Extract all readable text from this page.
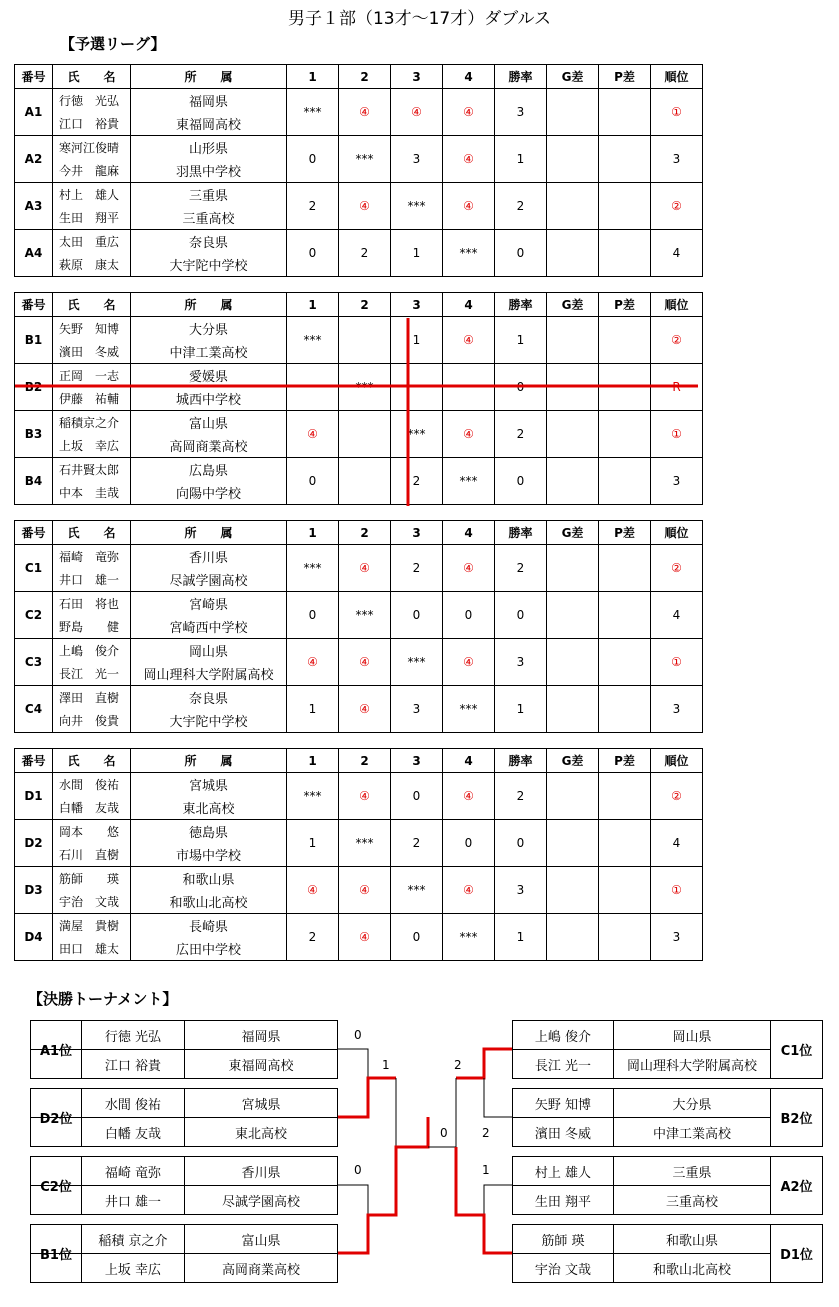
男子１部（13才～17才）ダブルス
【予選リーグ】
番号	氏　　名	所　　属	1	2	3	4	勝率	G差	P差	順位
A1	行徳　光弘	福岡県	***	④	④	④	3			①
	江口　裕貴	東福岡高校								
A2	寒河江俊晴	山形県	0	***	3	④	1			3
	今井　龍麻	羽黒中学校								
A3	村上　雄人	三重県	2	④	***	④	2			②
	生田　翔平	三重高校								
A4	太田　重広	奈良県	0	2	1	***	0			4
	萩原　康太	大宇陀中学校								
番号	氏　　名	所　　属	1	2	3	4	勝率	G差	P差	順位
B1	矢野　知博	大分県	***		1	④	1			②
	濱田　冬威	中津工業高校								
B2	正岡　一志	愛媛県		***			0			R
	伊藤　祐輔	城西中学校								
B3	稲積京之介	富山県	④		***	④	2			①
	上坂　幸広	高岡商業高校								
B4	石井賢太郎	広島県	0		2	***	0			3
	中本　圭哉	向陽中学校								
番号	氏　　名	所　　属	1	2	3	4	勝率	G差	P差	順位
C1	福崎　竜弥	香川県	***	④	2	④	2			②
	井口　雄一	尽誠学園高校								
C2	石田　将也	宮崎県	0	***	0	0	0			4
	野島　　健	宮崎西中学校								
C3	上嶋　俊介	岡山県	④	④	***	④	3			①
	長江　光一	岡山理科大学附属高校								
C4	澤田　直樹	奈良県	1	④	3	***	1			3
	向井　俊貴	大宇陀中学校								
番号	氏　　名	所　　属	1	2	3	4	勝率	G差	P差	順位
D1	水間　俊祐	宮城県	***	④	0	④	2			②
	白幡　友哉	東北高校								
D2	岡本　　悠	徳島県	1	***	2	0	0			4
	石川　直樹	市場中学校								
D3	筋師　　瑛	和歌山県	④	④	***	④	3			①
	宇治　文哉	和歌山北高校								
D4	満屋　貴樹	長崎県	2	④	0	***	1			3
	田口　雄太	広田中学校								
【決勝トーナメント】
A1位
行徳 光弘
江口 裕貴
福岡県
東福岡高校
D2位
水間 俊祐
白幡 友哉
宮城県
東北高校
C2位
福崎 竜弥
井口 雄一
香川県
尽誠学園高校
B1位
稲積 京之介
上坂 幸広
富山県
高岡商業高校
上嶋 俊介
長江 光一
岡山県
岡山理科大学附属高校
C1位
矢野 知博
濱田 冬威
大分県
中津工業高校
B2位
村上 雄人
生田 翔平
三重県
三重高校
A2位
筋師 瑛
宇治 文哉
和歌山県
和歌山北高校
D1位
0
1
0
2
1
0	2
